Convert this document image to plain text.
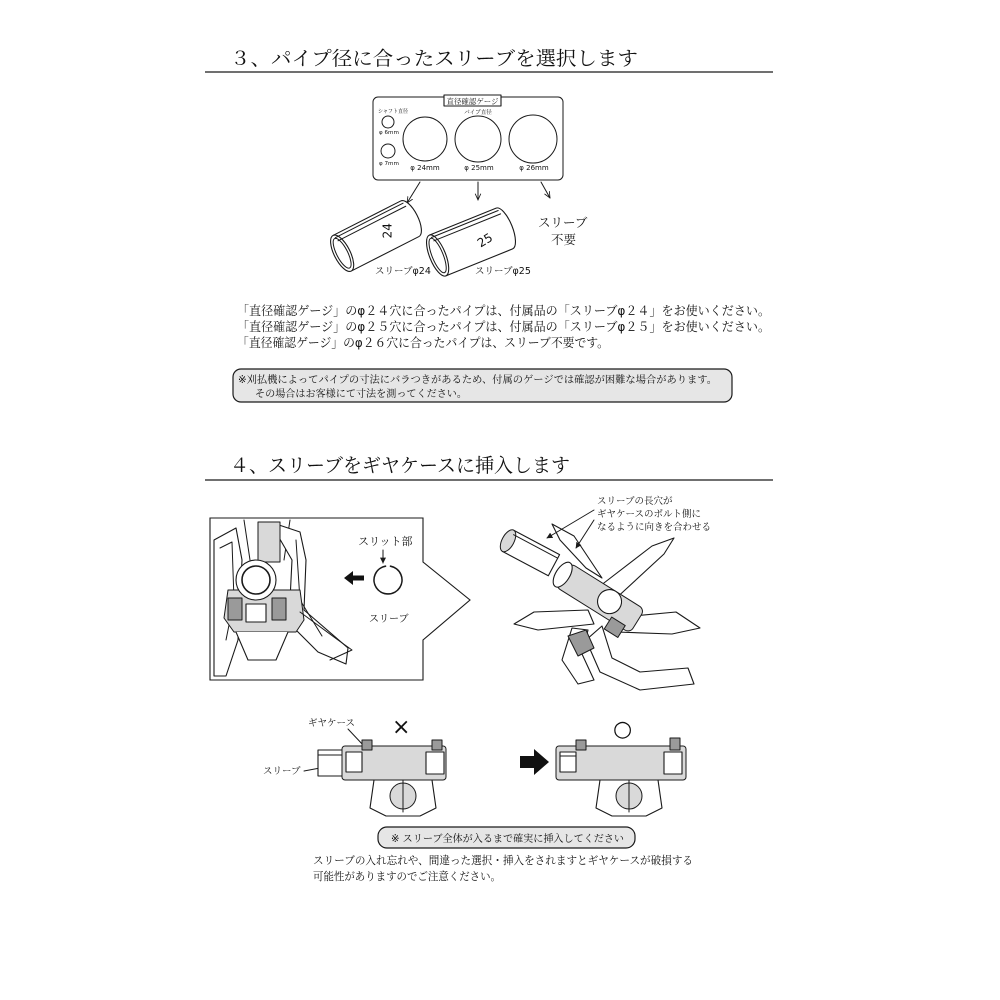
３、パイプ径に合ったスリーブを選択します
直径確認ゲージ
シャフト直径
φ 6mm
φ 7mm
パイプ直径
φ 24mm	φ 25mm	φ 26mm
24
スリーブφ24
25
スリーブφ25
スリーブ
不要
「直径確認ゲージ」のφ２４穴に合ったパイプは、付属品の「スリーブφ２４」をお使いください。
「直径確認ゲージ」のφ２５穴に合ったパイプは、付属品の「スリーブφ２５」をお使いください。
「直径確認ゲージ」のφ２６穴に合ったパイプは、スリーブ不要です。
※刈払機によってパイプの寸法にバラつきがあるため、付属のゲージでは確認が困難な場合があります。
その場合はお客様にて寸法を測ってください。
４、スリーブをギヤケースに挿入します
スリット部
スリーブ
スリーブの長穴が
ギヤケースのボルト側に
なるように向きを合わせる
×
ギヤケース
スリーブ
○
※ スリーブ全体が入るまで確実に挿入してください
スリーブの入れ忘れや、間違った選択・挿入をされますとギヤケースが破損する
可能性がありますのでご注意ください。
